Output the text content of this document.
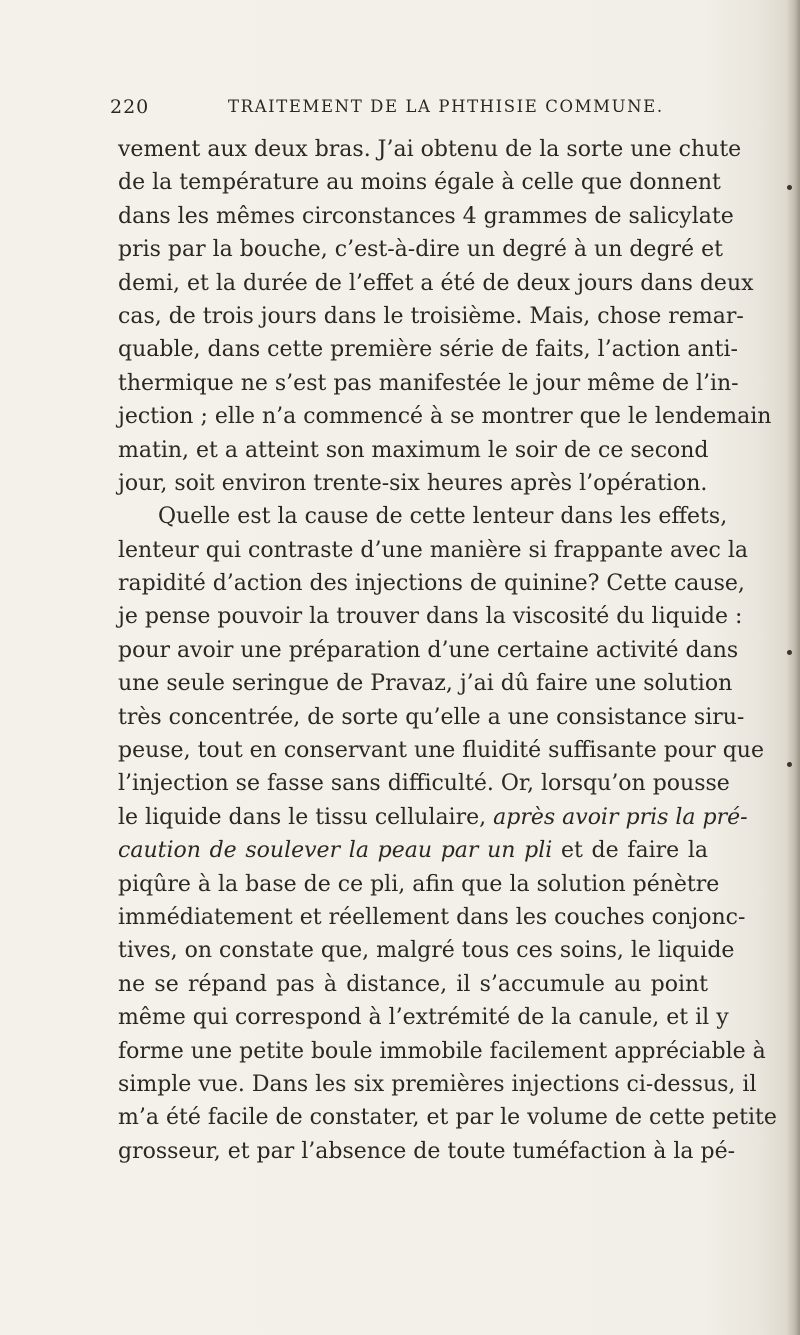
220	TRAITEMENT DE LA PHTHISIE COMMUNE.
vement aux deux bras. J’ai obtenu de la sorte une chute
de la température au moins égale à celle que donnent
dans les mêmes circonstances 4 grammes de salicylate
pris par la bouche, c’est-à-dire un degré à un degré et
demi, et la durée de l’effet a été de deux jours dans deux
cas, de trois jours dans le troisième. Mais, chose remar-
quable, dans cette première série de faits, l’action anti-
thermique ne s’est pas manifestée le jour même de l’in-
jection ; elle n’a commencé à se montrer que le lendemain
matin, et a atteint son maximum le soir de ce second
jour, soit environ trente-six heures après l’opération.
Quelle est la cause de cette lenteur dans les effets,
lenteur qui contraste d’une manière si frappante avec la
rapidité d’action des injections de quinine? Cette cause,
je pense pouvoir la trouver dans la viscosité du liquide :
pour avoir une préparation d’une certaine activité dans
une seule seringue de Pravaz, j’ai dû faire une solution
très concentrée, de sorte qu’elle a une consistance siru-
peuse, tout en conservant une fluidité suffisante pour que
l’injection se fasse sans difficulté. Or, lorsqu’on pousse
le liquide dans le tissu cellulaire, après avoir pris la pré-
caution de soulever la peau par un pli et de faire la
piqûre à la base de ce pli, afin que la solution pénètre
immédiatement et réellement dans les couches conjonc-
tives, on constate que, malgré tous ces soins, le liquide
ne se répand pas à distance, il s’accumule au point
même qui correspond à l’extrémité de la canule, et il y
forme une petite boule immobile facilement appréciable à
simple vue. Dans les six premières injections ci-dessus, il
m’a été facile de constater, et par le volume de cette petite
grosseur, et par l’absence de toute tuméfaction à la pé-
